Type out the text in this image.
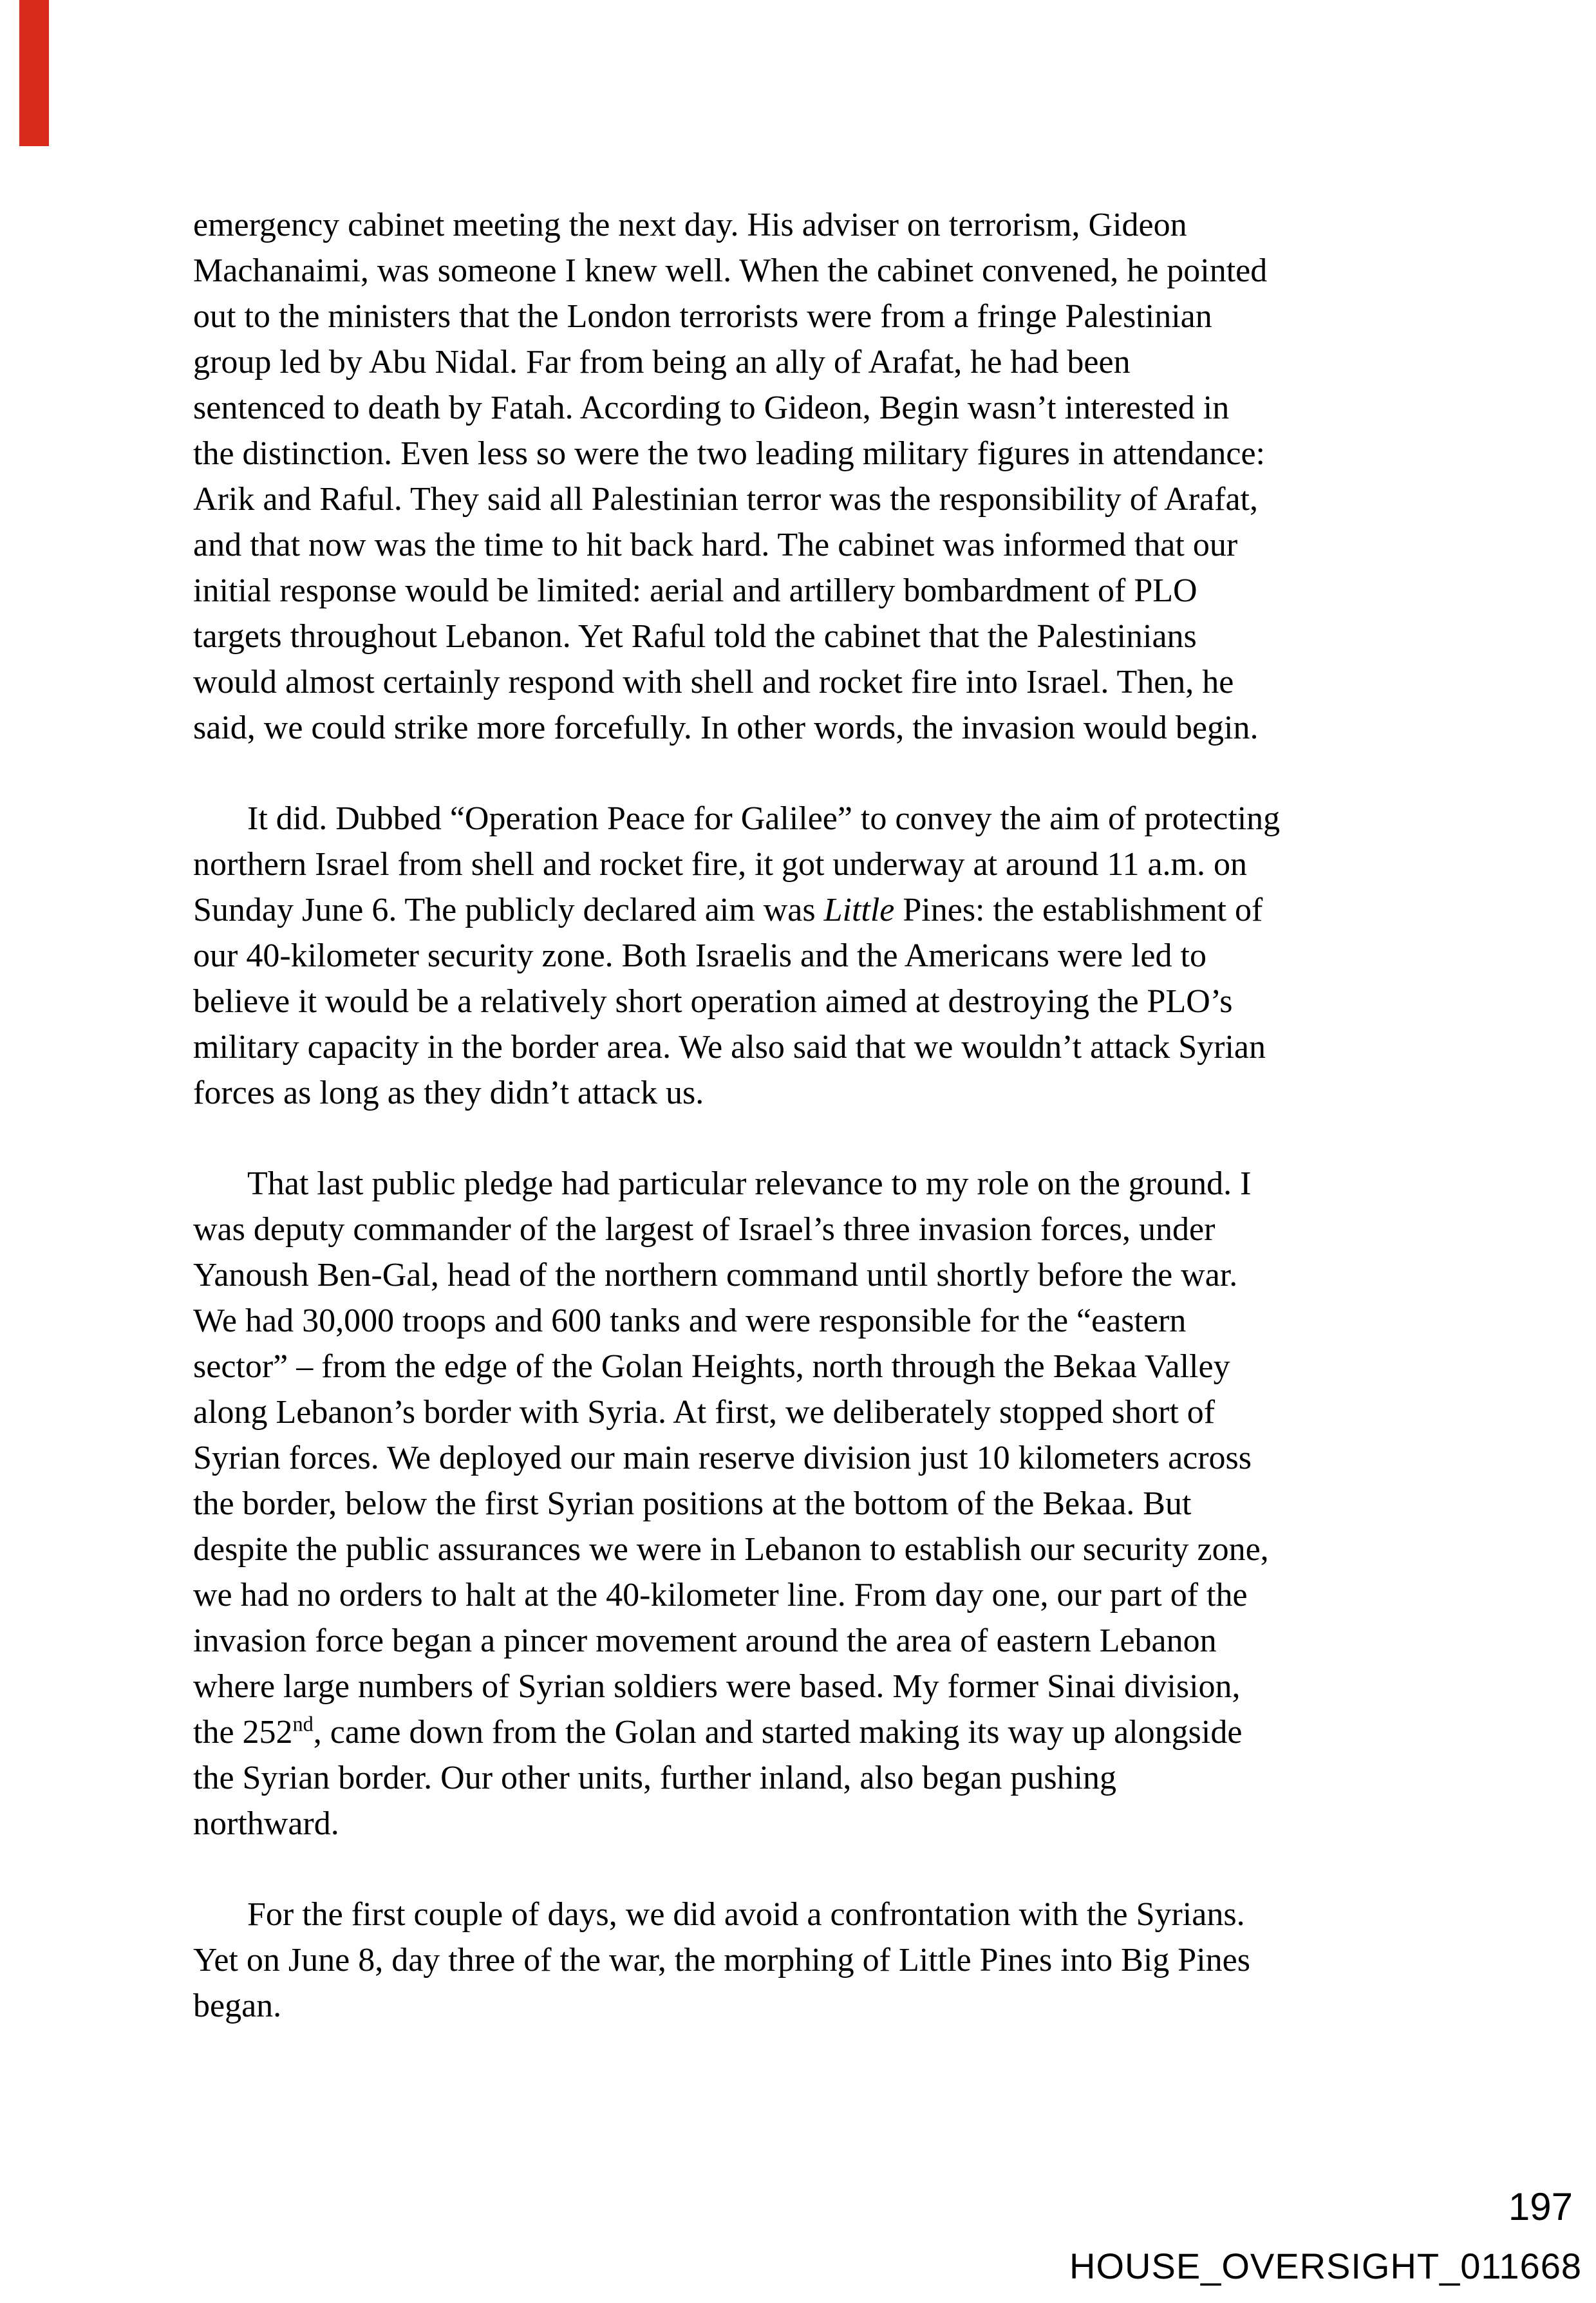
emergency cabinet meeting the next day. His adviser on terrorism, Gideon
Machanaimi, was someone I knew well. When the cabinet convened, he pointed
out to the ministers that the London terrorists were from a fringe Palestinian
group led by Abu Nidal. Far from being an ally of Arafat, he had been
sentenced to death by Fatah. According to Gideon, Begin wasn’t interested in
the distinction. Even less so were the two leading military figures in attendance:
Arik and Raful. They said all Palestinian terror was the responsibility of Arafat,
and that now was the time to hit back hard. The cabinet was informed that our
initial response would be limited: aerial and artillery bombardment of PLO
targets throughout Lebanon. Yet Raful told the cabinet that the Palestinians
would almost certainly respond with shell and rocket fire into Israel. Then, he
said, we could strike more forcefully. In other words, the invasion would begin.

It did. Dubbed “Operation Peace for Galilee” to convey the aim of protecting
northern Israel from shell and rocket fire, it got underway at around 11 a.m. on
Sunday June 6. The publicly declared aim was Little Pines: the establishment of
our 40-kilometer security zone. Both Israelis and the Americans were led to
believe it would be a relatively short operation aimed at destroying the PLO’s
military capacity in the border area. We also said that we wouldn’t attack Syrian
forces as long as they didn’t attack us.

That last public pledge had particular relevance to my role on the ground. I
was deputy commander of the largest of Israel’s three invasion forces, under
Yanoush Ben-Gal, head of the northern command until shortly before the war.
We had 30,000 troops and 600 tanks and were responsible for the “eastern
sector” – from the edge of the Golan Heights, north through the Bekaa Valley
along Lebanon’s border with Syria. At first, we deliberately stopped short of
Syrian forces. We deployed our main reserve division just 10 kilometers across
the border, below the first Syrian positions at the bottom of the Bekaa. But
despite the public assurances we were in Lebanon to establish our security zone,
we had no orders to halt at the 40-kilometer line. From day one, our part of the
invasion force began a pincer movement around the area of eastern Lebanon
where large numbers of Syrian soldiers were based. My former Sinai division,
the 252nd, came down from the Golan and started making its way up alongside
the Syrian border. Our other units, further inland, also began pushing
northward.

For the first couple of days, we did avoid a confrontation with the Syrians.
Yet on June 8, day three of the war, the morphing of Little Pines into Big Pines
began.

197
HOUSE_OVERSIGHT_011668
